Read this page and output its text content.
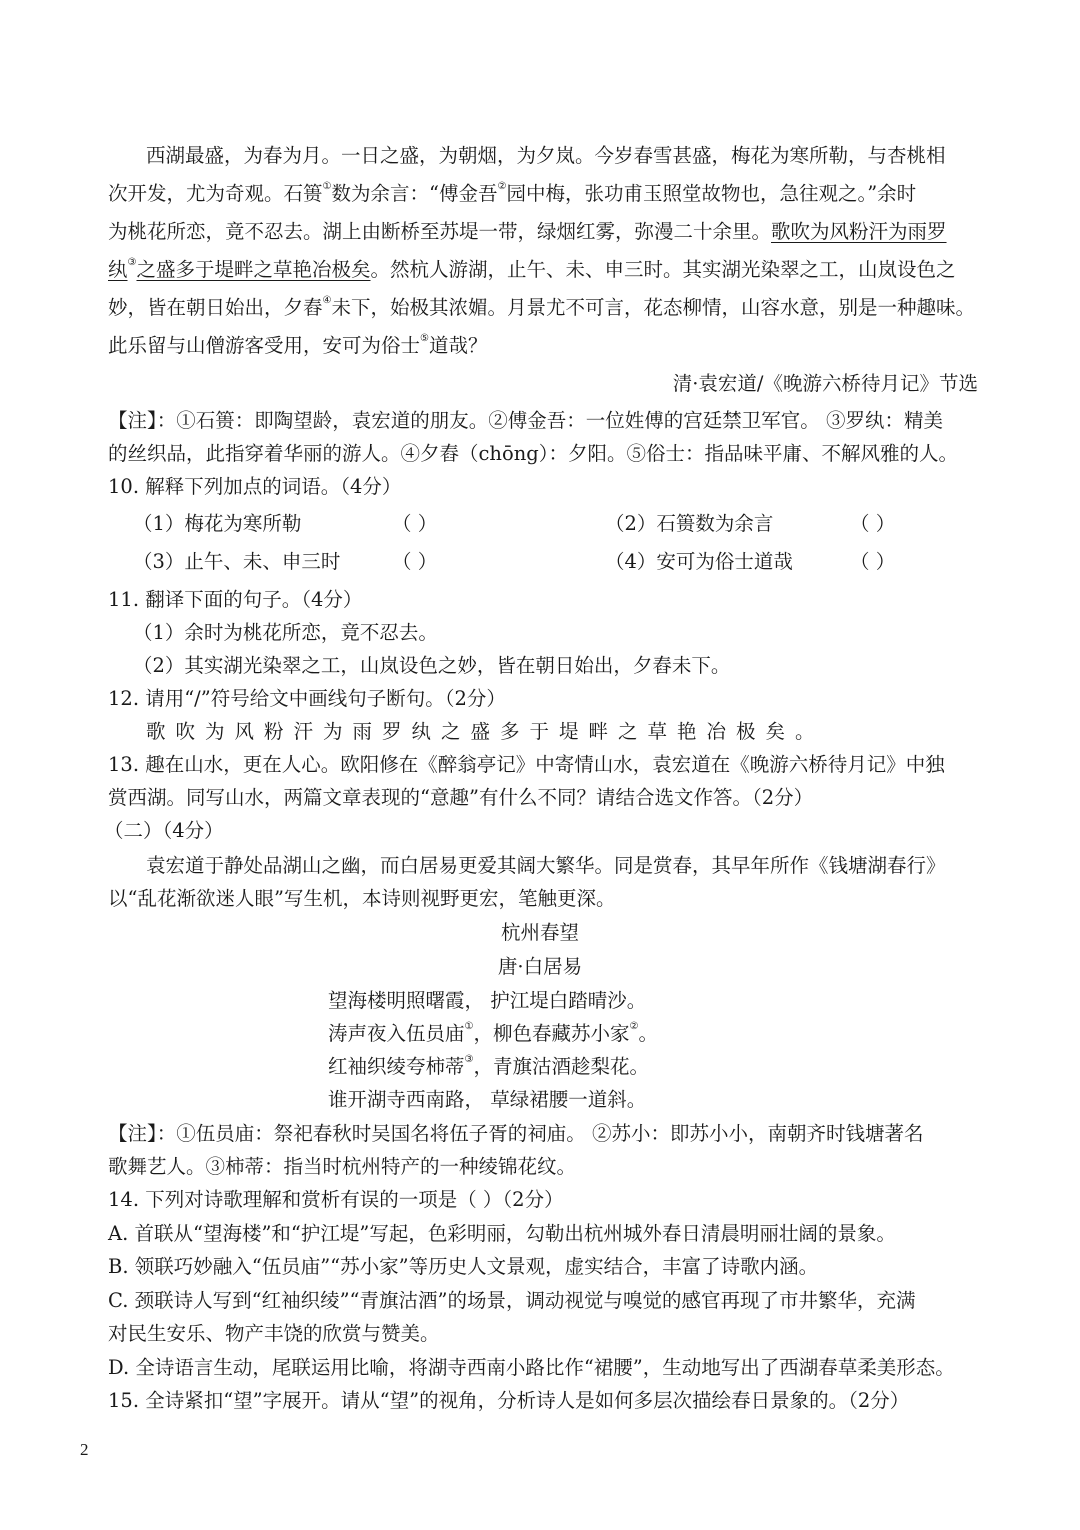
西湖最盛，为春为月。一日之盛，为朝烟，为夕岚。今岁春雪甚盛，梅花为寒所勒，与杏桃相
次开发，尤为奇观。石篑①数为余言：“傅金吾②园中梅，张功甫玉照堂故物也，急往观之。”余时
为桃花所恋，竟不忍去。湖上由断桥至苏堤一带，绿烟红雾，弥漫二十余里。歌吹为风粉汗为雨罗
纨③之盛多于堤畔之草艳冶极矣。然杭人游湖，止午、未、申三时。其实湖光染翠之工，山岚设色之
妙，皆在朝日始出，夕舂④未下，始极其浓媚。月景尤不可言，花态柳情，山容水意，别是一种趣味。
此乐留与山僧游客受用，安可为俗士⑤道哉？
清·袁宏道/《晚游六桥待月记》节选
【注】：①石篑：即陶望龄，袁宏道的朋友。②傅金吾：一位姓傅的宫廷禁卫军官。 ③罗纨：精美
的丝织品，此指穿着华丽的游人。④夕舂（chōng）：夕阳。⑤俗士：指品味平庸、不解风雅的人。
10. 解释下列加点的词语。（4分）
（1）梅花为寒所勒	（ ）	（2）石篑数为余言	（ ）
（3）止午、未、申三时	（ ）	（4）安可为俗士道哉	（ ）
11. 翻译下面的句子。（4分）
（1）余时为桃花所恋，竟不忍去。
（2）其实湖光染翠之工，山岚设色之妙，皆在朝日始出，夕舂未下。
12. 请用“/”符号给文中画线句子断句。（2分）
歌吹为风粉汗为雨罗纨之盛多于堤畔之草艳冶极矣。
13. 趣在山水，更在人心。欧阳修在《醉翁亭记》中寄情山水，袁宏道在《晚游六桥待月记》中独
赏西湖。同写山水，两篇文章表现的“意趣”有什么不同？请结合选文作答。（2分）
（二）（4分）
袁宏道于静处品湖山之幽，而白居易更爱其阔大繁华。同是赏春，其早年所作《钱塘湖春行》
以“乱花渐欲迷人眼”写生机，本诗则视野更宏，笔触更深。
杭州春望
唐·白居易
望海楼明照曙霞， 护江堤白踏晴沙。
涛声夜入伍员庙①，柳色春藏苏小家②。
红袖织绫夸柿蒂③，青旗沽酒趁梨花。
谁开湖寺西南路， 草绿裙腰一道斜。
【注】：①伍员庙：祭祀春秋时吴国名将伍子胥的祠庙。 ②苏小：即苏小小，南朝齐时钱塘著名
歌舞艺人。③柿蒂：指当时杭州特产的一种绫锦花纹。
14. 下列对诗歌理解和赏析有误的一项是（ ）（2分）
A. 首联从“望海楼”和“护江堤”写起，色彩明丽，勾勒出杭州城外春日清晨明丽壮阔的景象。
B. 领联巧妙融入“伍员庙”“苏小家”等历史人文景观，虚实结合，丰富了诗歌内涵。
C. 颈联诗人写到“红袖织绫”“青旗沽酒”的场景，调动视觉与嗅觉的感官再现了市井繁华，充满
对民生安乐、物产丰饶的欣赏与赞美。
D. 全诗语言生动，尾联运用比喻，将湖寺西南小路比作“裙腰”，生动地写出了西湖春草柔美形态。
15. 全诗紧扣“望”字展开。请从“望”的视角，分析诗人是如何多层次描绘春日景象的。（2分）
2
